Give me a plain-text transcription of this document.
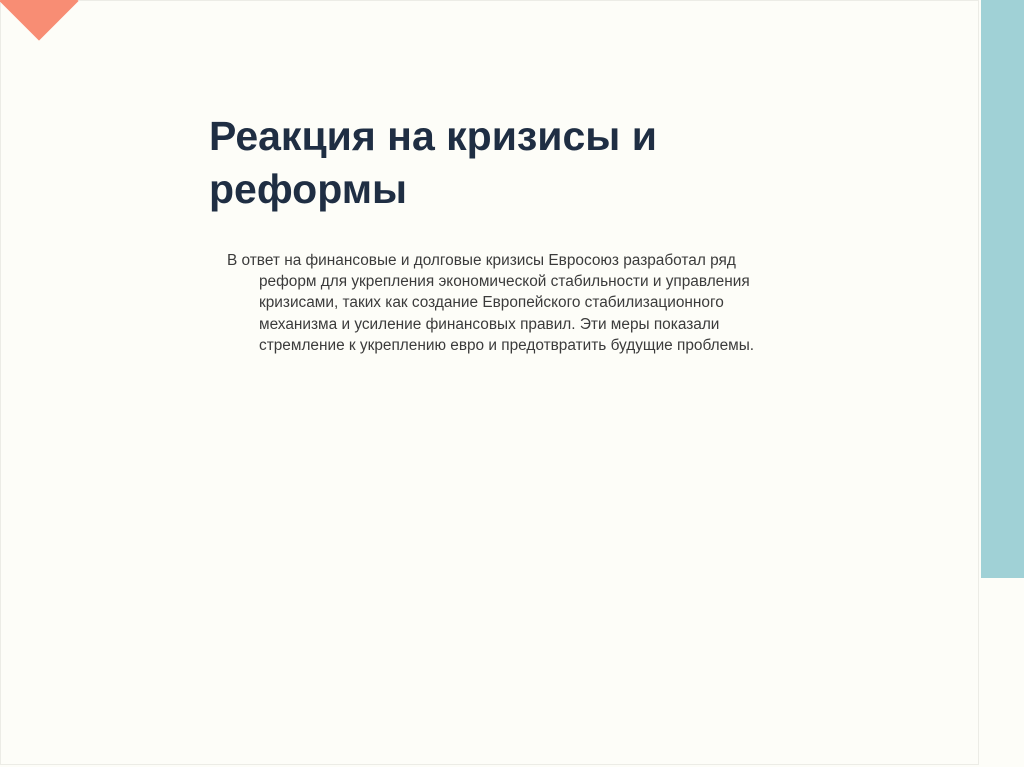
Реакция на кризисы и реформы

В ответ на финансовые и долговые кризисы Евросоюз разработал ряд реформ для укрепления экономической стабильности и управления кризисами, таких как создание Европейского стабилизационного механизма и усиление финансовых правил. Эти меры показали стремление к укреплению евро и предотвратить будущие проблемы.
